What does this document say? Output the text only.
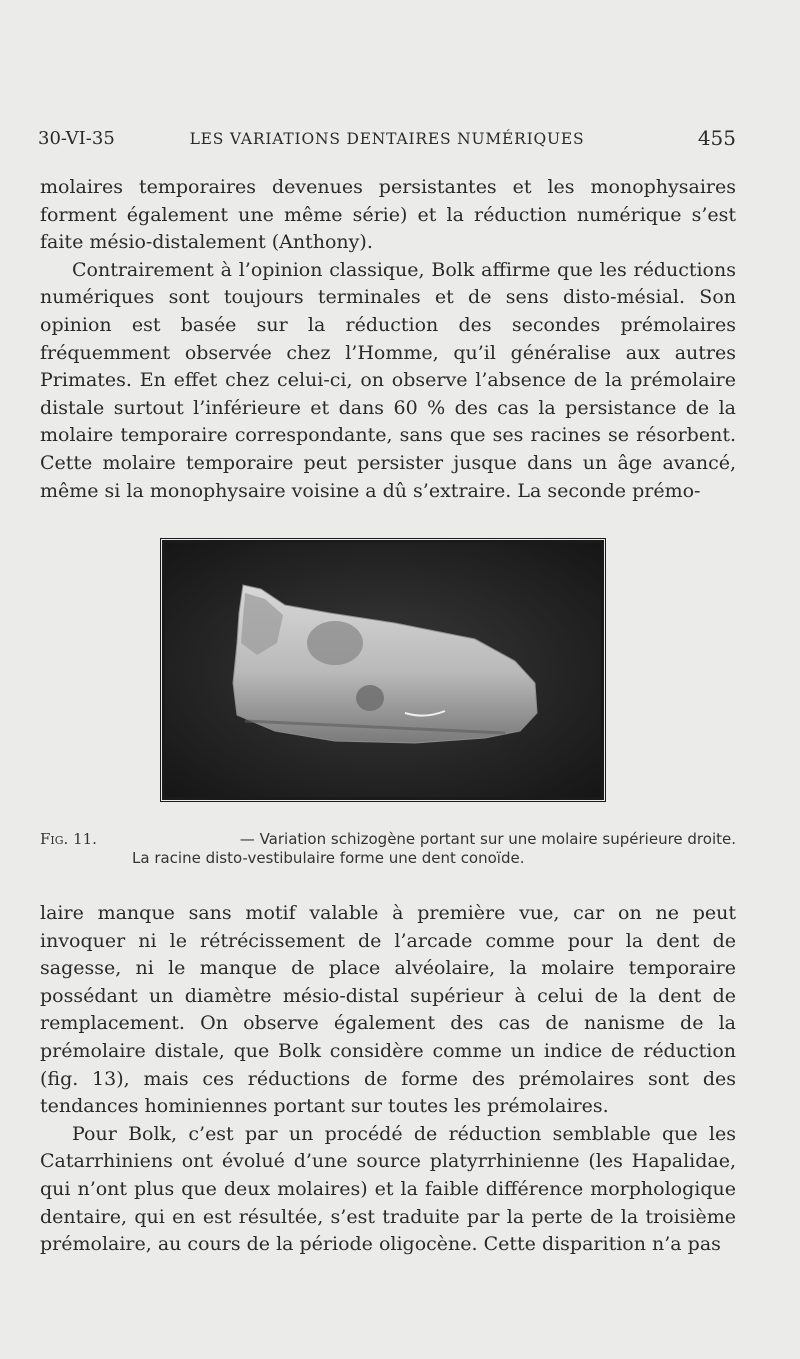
30-VI-35	LES VARIATIONS DENTAIRES NUMÉRIQUES	455

molaires temporaires devenues persistantes et les monophysaires forment également une même série) et la réduction numérique s’est faite mésio-distalement (Anthony).

Contrairement à l’opinion classique, Bolk affirme que les réductions numériques sont toujours terminales et de sens disto-mésial. Son opinion est basée sur la réduction des secondes prémolaires fréquemment observée chez l’Homme, qu’il généralise aux autres Primates. En effet chez celui-ci, on observe l’absence de la prémolaire distale surtout l’inférieure et dans 60 % des cas la persistance de la molaire temporaire correspondante, sans que ses racines se résorbent. Cette molaire temporaire peut persister jusque dans un âge avancé, même si la monophysaire voisine a dû s’extraire. La seconde prémo-

Fig. 11.	— Variation schizogène portant sur une molaire supérieure droite.
La racine disto-vestibulaire forme une dent conoïde.

laire manque sans motif valable à première vue, car on ne peut invoquer ni le rétrécissement de l’arcade comme pour la dent de sagesse, ni le manque de place alvéolaire, la molaire temporaire possédant un diamètre mésio-distal supérieur à celui de la dent de remplacement. On observe également des cas de nanisme de la prémolaire distale, que Bolk considère comme un indice de réduction (fig. 13), mais ces réductions de forme des prémolaires sont des tendances hominiennes portant sur toutes les prémolaires.

Pour Bolk, c’est par un procédé de réduction semblable que les Catarrhiniens ont évolué d’une source platyrrhinienne (les Hapalidae, qui n’ont plus que deux molaires) et la faible différence morphologique dentaire, qui en est résultée, s’est traduite par la perte de la troisième prémolaire, au cours de la période oligocène. Cette disparition n’a pas
